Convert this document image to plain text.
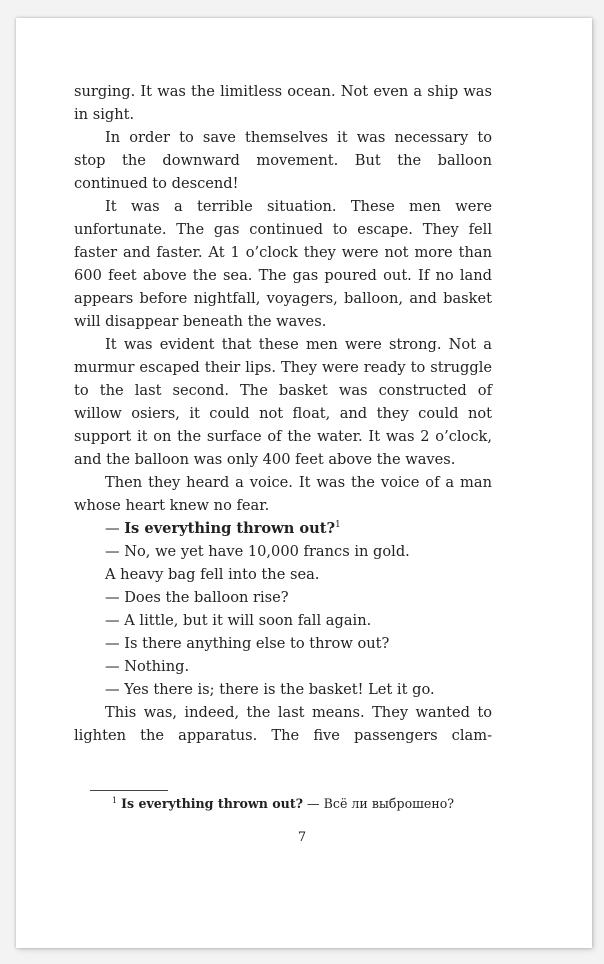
surging. It was the limitless ocean. Not even a ship was in sight.

In order to save themselves it was necessary to stop the downward movement. But the balloon continued to descend!

It was a terrible situation. These men were unfortunate. The gas continued to escape. They fell faster and faster. At 1 o’clock they were not more than 600 feet above the sea. The gas poured out. If no land appears before nightfall, voyagers, balloon, and basket will disappear beneath the waves.

It was evident that these men were strong. Not a murmur escaped their lips. They were ready to struggle to the last second. The basket was constructed of willow osiers, it could not float, and they could not support it on the surface of the water. It was 2 o’clock, and the balloon was only 400 feet above the waves.

Then they heard a voice. It was the voice of a man whose heart knew no fear.

— Is everything thrown out?$^1$

— No, we yet have 10,000 francs in gold.

A heavy bag fell into the sea.

— Does the balloon rise?

— A little, but it will soon fall again.

— Is there anything else to throw out?

— Nothing.

— Yes there is; there is the basket! Let it go.

This was, indeed, the last means. They wanted to lighten the apparatus. The five passengers clam-

$^1$ Is everything thrown out? — Всё ли выброшено?

7
